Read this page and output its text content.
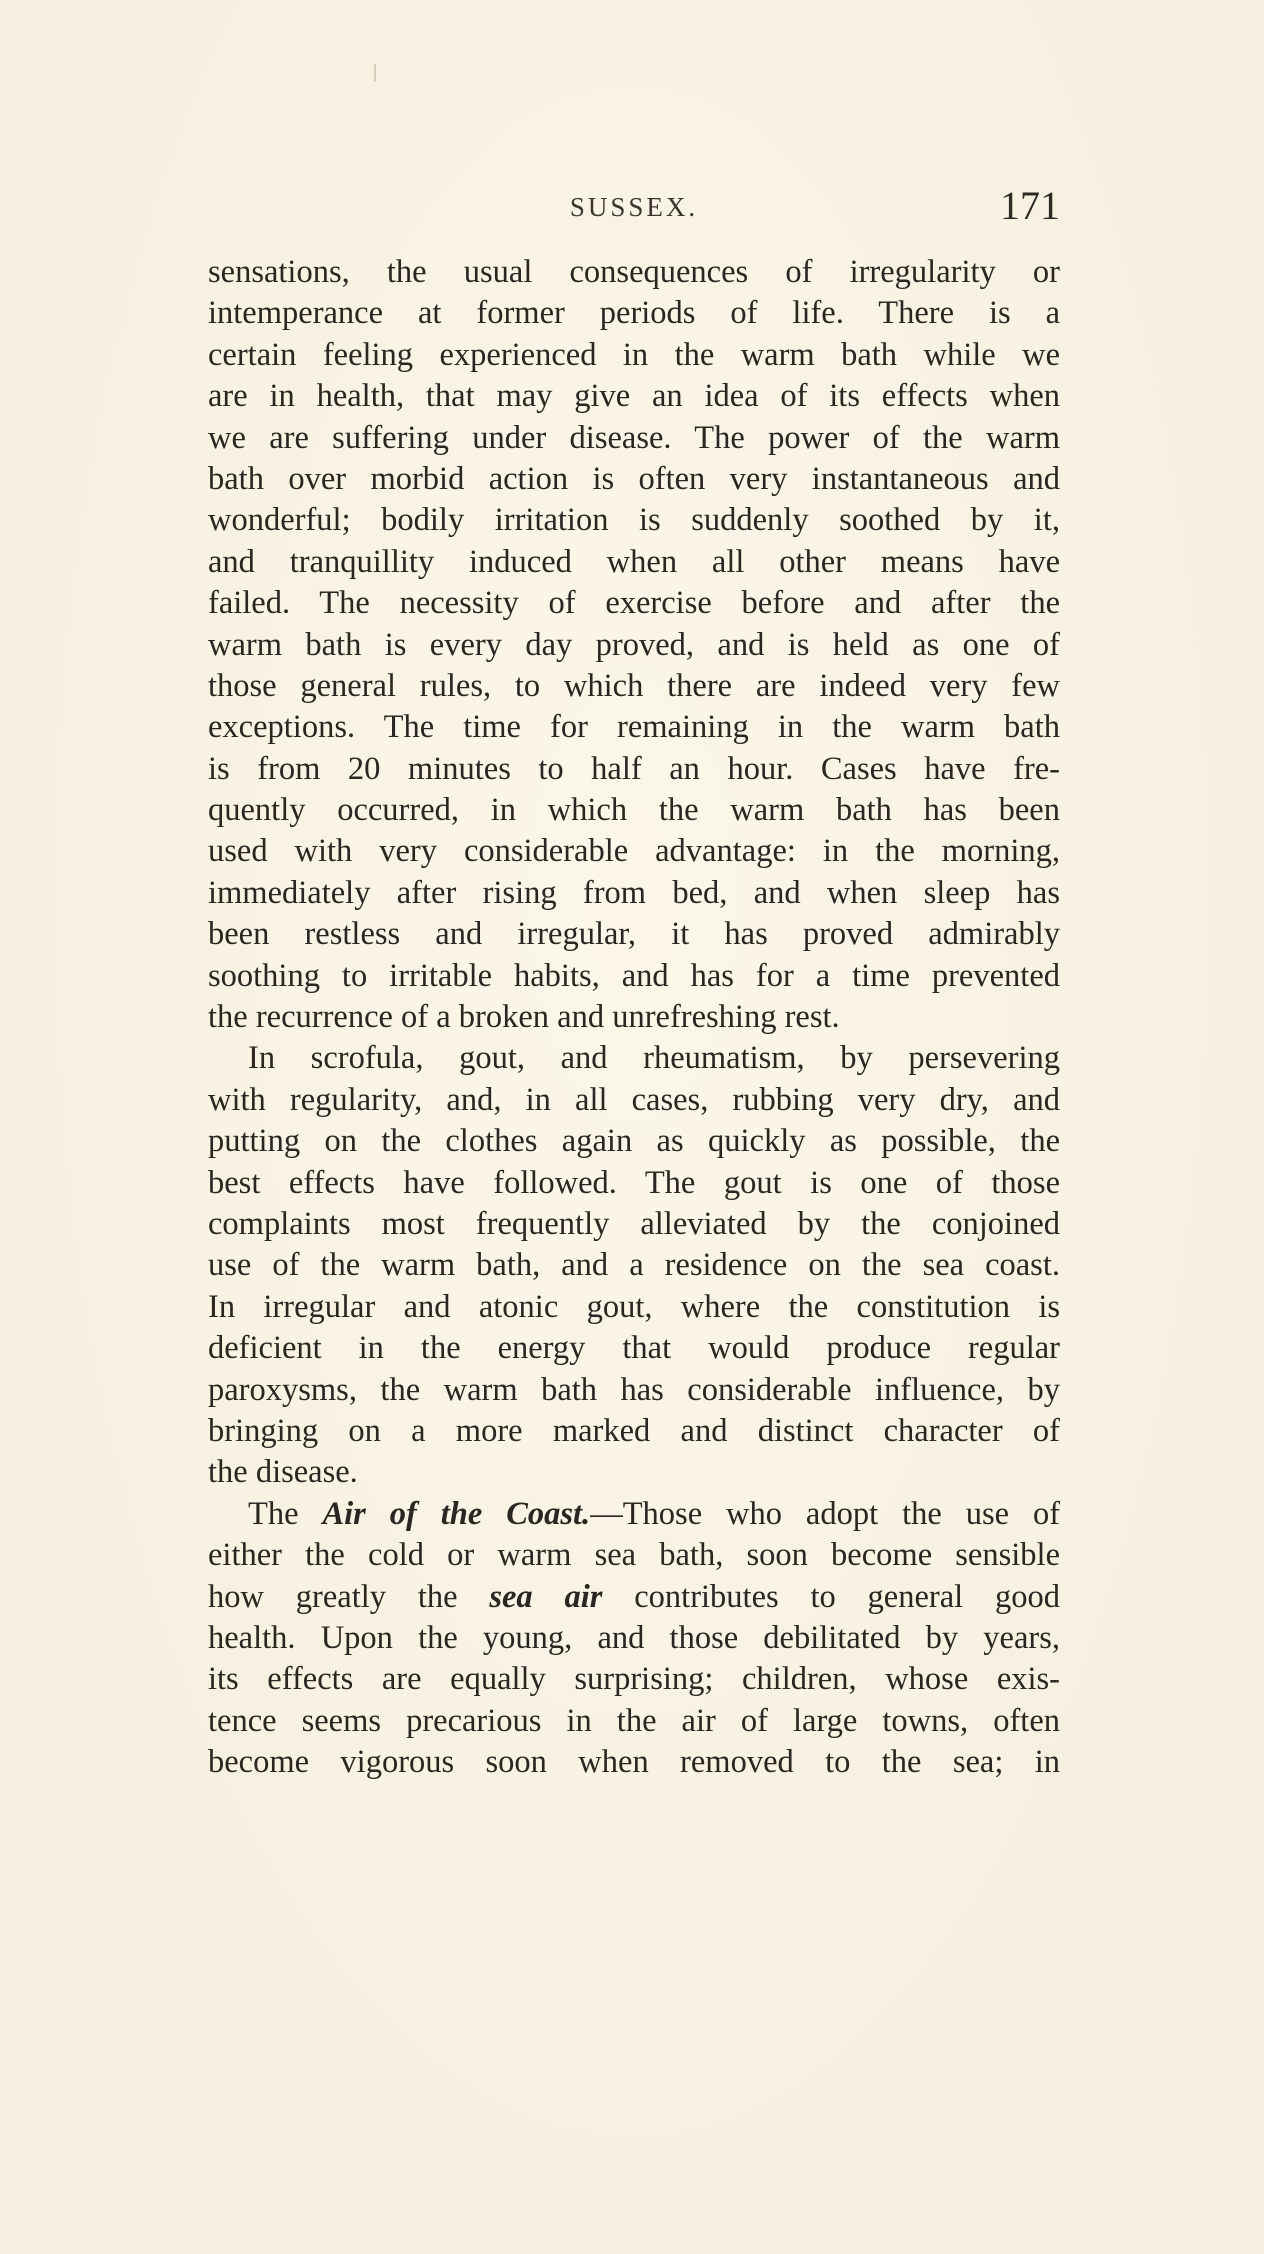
SUSSEX.	171
sensations, the usual consequences of irregularity or
intemperance at former periods of life. There is a
certain feeling experienced in the warm bath while we
are in health, that may give an idea of its effects when
we are suffering under disease. The power of the warm
bath over morbid action is often very instantaneous and
wonderful; bodily irritation is suddenly soothed by it,
and tranquillity induced when all other means have
failed. The necessity of exercise before and after the
warm bath is every day proved, and is held as one of
those general rules, to which there are indeed very few
exceptions. The time for remaining in the warm bath
is from 20 minutes to half an hour. Cases have fre-
quently occurred, in which the warm bath has been
used with very considerable advantage: in the morning,
immediately after rising from bed, and when sleep has
been restless and irregular, it has proved admirably
soothing to irritable habits, and has for a time prevented
the recurrence of a broken and unrefreshing rest.
In scrofula, gout, and rheumatism, by persevering
with regularity, and, in all cases, rubbing very dry, and
putting on the clothes again as quickly as possible, the
best effects have followed. The gout is one of those
complaints most frequently alleviated by the conjoined
use of the warm bath, and a residence on the sea coast.
In irregular and atonic gout, where the constitution is
deficient in the energy that would produce regular
paroxysms, the warm bath has considerable influence, by
bringing on a more marked and distinct character of
the disease.
The Air of the Coast.—Those who adopt the use of
either the cold or warm sea bath, soon become sensible
how greatly the sea air contributes to general good
health. Upon the young, and those debilitated by years,
its effects are equally surprising; children, whose exis-
tence seems precarious in the air of large towns, often
become vigorous soon when removed to the sea; in
